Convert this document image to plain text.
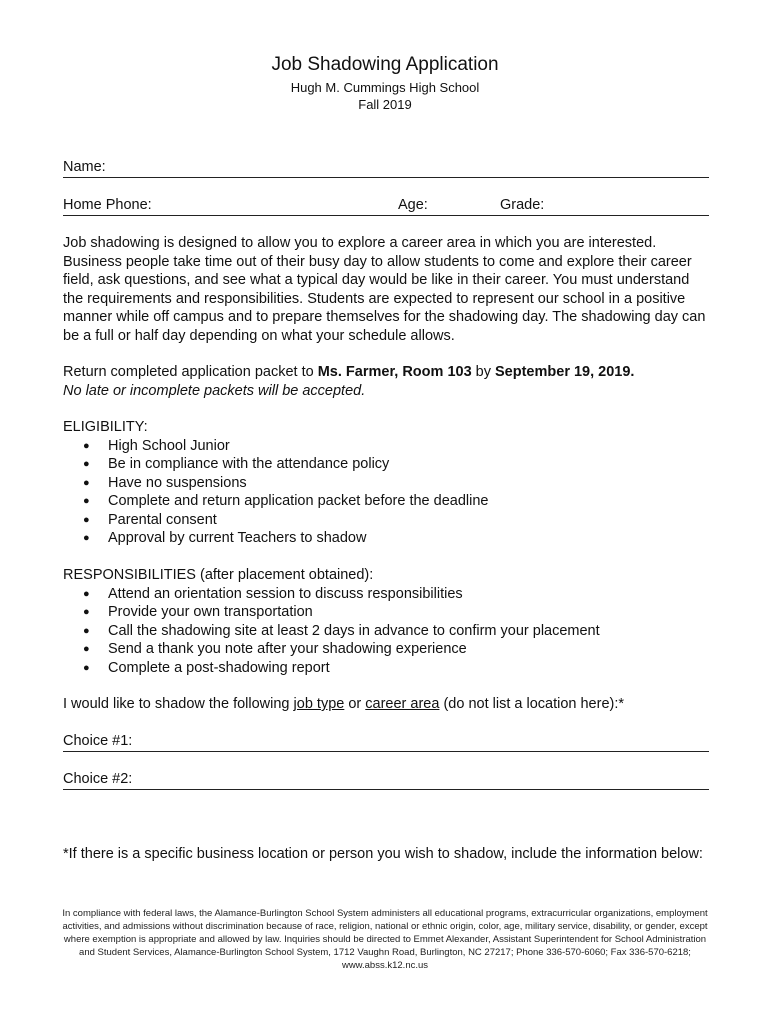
Job Shadowing Application
Hugh M. Cummings High School
Fall 2019
Name:
Home Phone:	Age:	Grade:
Job shadowing is designed to allow you to explore a career area in which you are interested. Business people take time out of their busy day to allow students to come and explore their career field, ask questions, and see what a typical day would be like in their career. You must understand the requirements and responsibilities. Students are expected to represent our school in a positive manner while off campus and to prepare themselves for the shadowing day. The shadowing day can be a full or half day depending on what your schedule allows.
Return completed application packet to Ms. Farmer, Room 103 by September 19, 2019.
No late or incomplete packets will be accepted.
ELIGIBILITY:
● High School Junior
● Be in compliance with the attendance policy
● Have no suspensions
● Complete and return application packet before the deadline
● Parental consent
● Approval by current Teachers to shadow
RESPONSIBILITIES (after placement obtained):
● Attend an orientation session to discuss responsibilities
● Provide your own transportation
● Call the shadowing site at least 2 days in advance to confirm your placement
● Send a thank you note after your shadowing experience
● Complete a post-shadowing report
I would like to shadow the following job type or career area (do not list a location here):*
Choice #1:
Choice #2:
*If there is a specific business location or person you wish to shadow, include the information below:
In compliance with federal laws, the Alamance-Burlington School System administers all educational programs, extracurricular organizations, employment activities, and admissions without discrimination because of race, religion, national or ethnic origin, color, age, military service, disability, or gender, except where exemption is appropriate and allowed by law. Inquiries should be directed to Emmet Alexander, Assistant Superintendent for School Administration and Student Services, Alamance-Burlington School System, 1712 Vaughn Road, Burlington, NC 27217; Phone 336-570-6060; Fax 336-570-6218; www.abss.k12.nc.us
